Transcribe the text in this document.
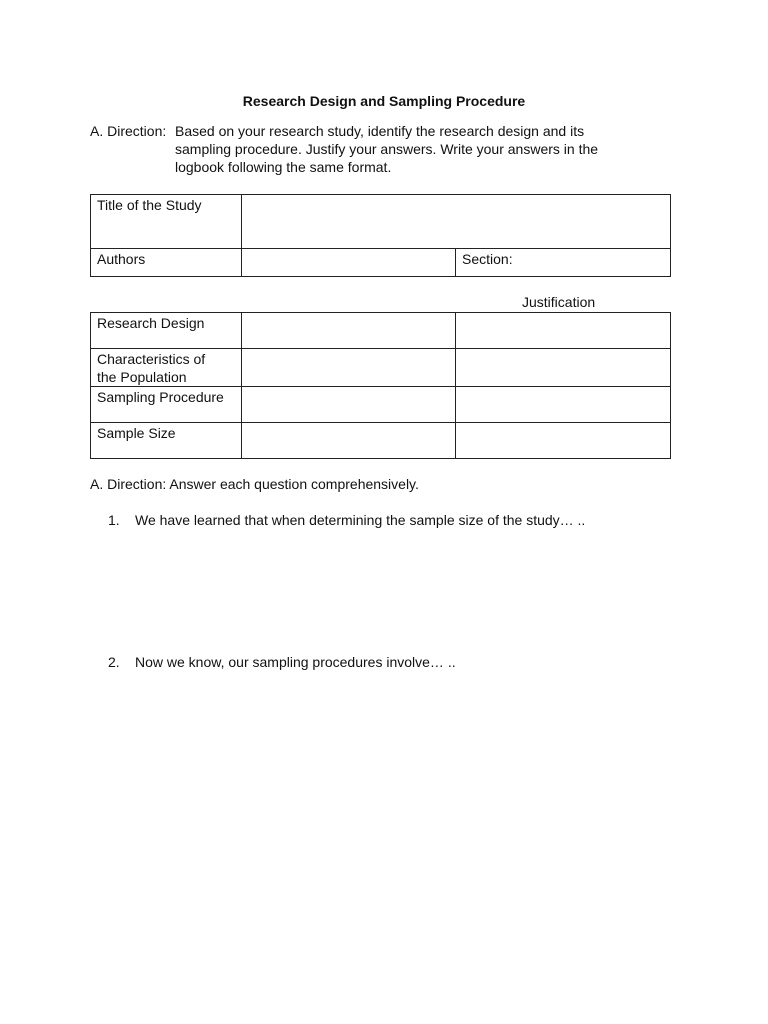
Research Design and Sampling Procedure
A. Direction: Based on your research study, identify the research design and its
sampling procedure. Justify your answers. Write your answers in the
logbook following the same format.
Title of the Study		
Authors		Section:
Justification
Research Design		

Characteristics of
the Population		

Sampling Procedure		

Sample Size		

A. Direction: Answer each question comprehensively.
1. We have learned that when determining the sample size of the study… ..
2. Now we know, our sampling procedures involve… ..
